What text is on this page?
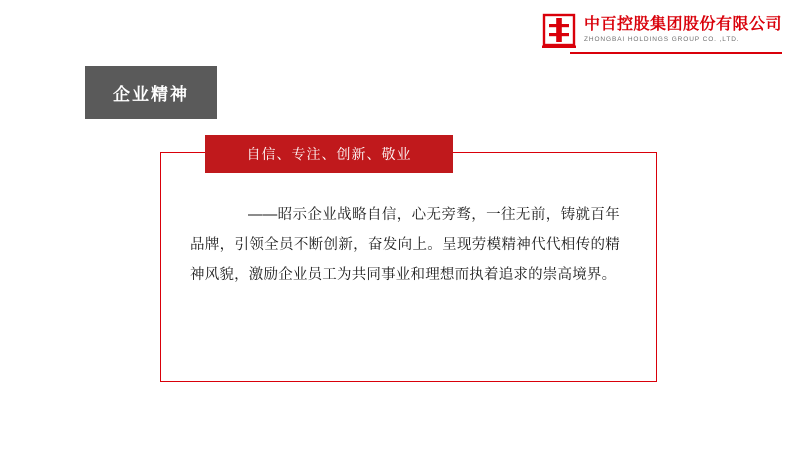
中百控股集团股份有限公司
ZHONGBAI HOLDINGS GROUP CO. ,LTD.
企业精神
自信、专注、创新、敬业
——昭示企业战略自信，心无旁骛，一往无前，铸就百年品牌，引领全员不断创新，奋发向上。呈现劳模精神代代相传的精神风貌，激励企业员工为共同事业和理想而执着追求的崇高境界。
